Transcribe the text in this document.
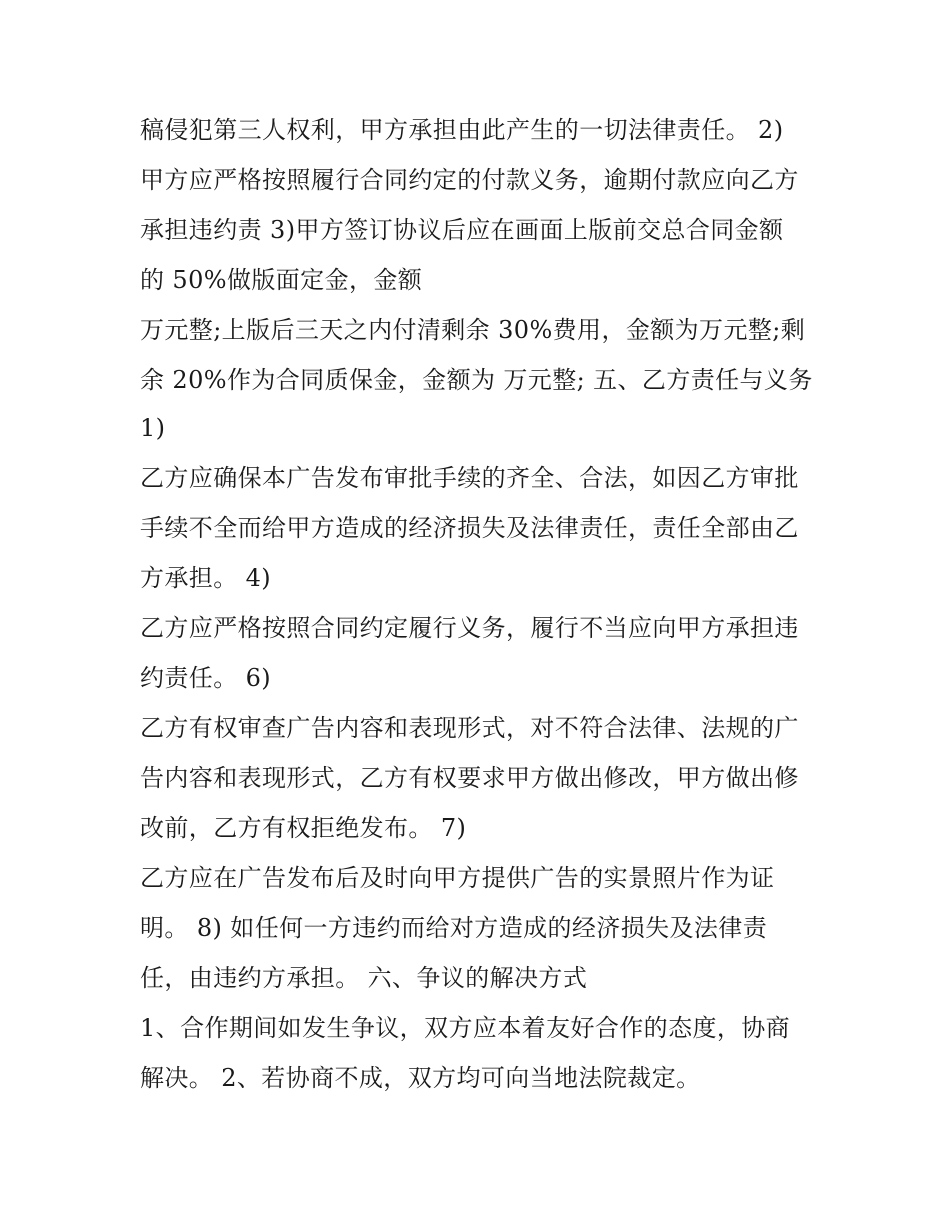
稿侵犯第三人权利，甲方承担由此产生的一切法律责任。 2)
甲方应严格按照履行合同约定的付款义务，逾期付款应向乙方
承担违约责 3)甲方签订协议后应在画面上版前交总合同金额
的 50%做版面定金，金额
万元整;上版后三天之内付清剩余 30%费用，金额为万元整;剩
余 20%作为合同质保金，金额为 万元整; 五、乙方责任与义务
1)
乙方应确保本广告发布审批手续的齐全、合法，如因乙方审批
手续不全而给甲方造成的经济损失及法律责任，责任全部由乙
方承担。 4)
乙方应严格按照合同约定履行义务，履行不当应向甲方承担违
约责任。 6)
乙方有权审查广告内容和表现形式，对不符合法律、法规的广
告内容和表现形式，乙方有权要求甲方做出修改，甲方做出修
改前，乙方有权拒绝发布。 7)
乙方应在广告发布后及时向甲方提供广告的实景照片作为证
明。 8) 如任何一方违约而给对方造成的经济损失及法律责
任，由违约方承担。 六、争议的解决方式
1、合作期间如发生争议，双方应本着友好合作的态度，协商
解决。 2、若协商不成，双方均可向当地法院裁定。
